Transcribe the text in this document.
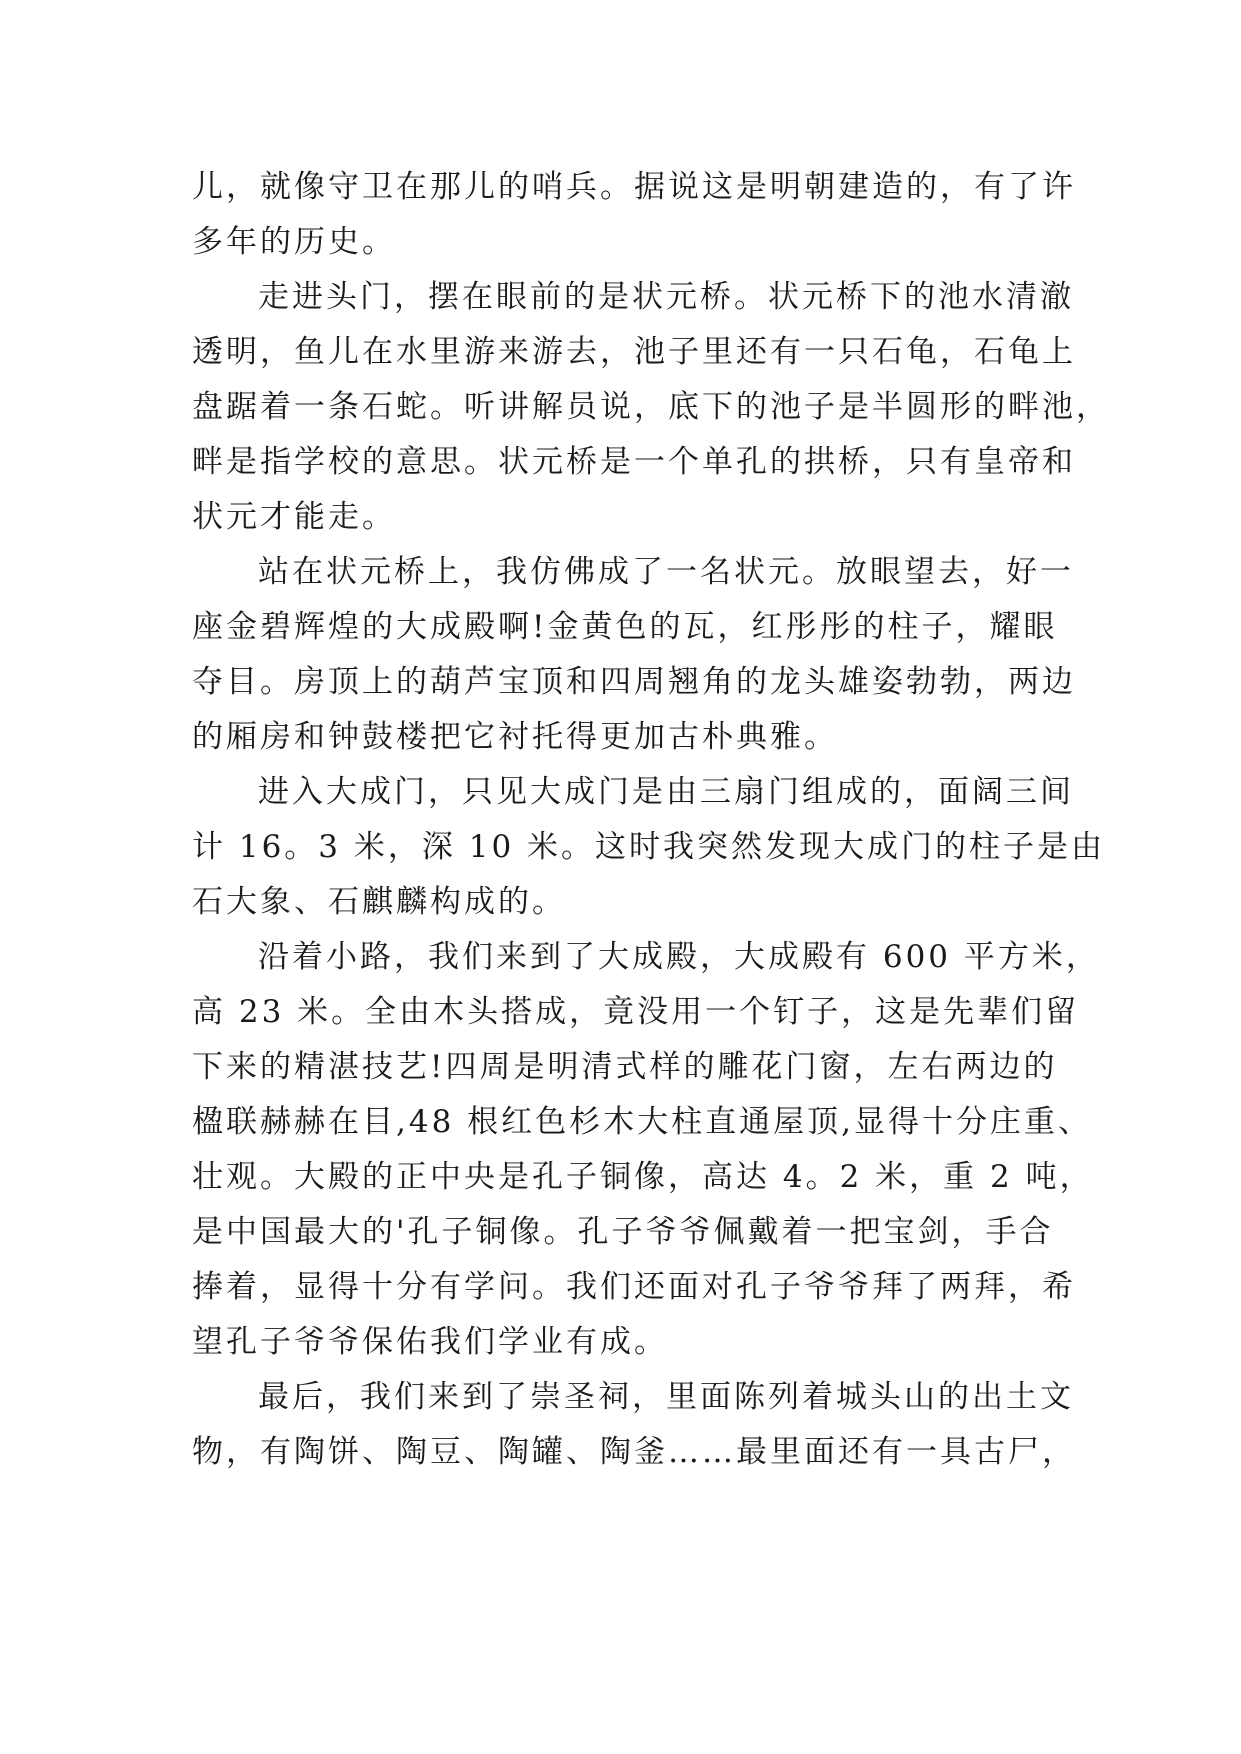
儿，就像守卫在那儿的哨兵。据说这是明朝建造的，有了许
多年的历史。

走进头门，摆在眼前的是状元桥。状元桥下的池水清澈
透明，鱼儿在水里游来游去，池子里还有一只石龟，石龟上
盘踞着一条石蛇。听讲解员说，底下的池子是半圆形的畔池，
畔是指学校的意思。状元桥是一个单孔的拱桥，只有皇帝和
状元才能走。

站在状元桥上，我仿佛成了一名状元。放眼望去，好一
座金碧辉煌的大成殿啊!金黄色的瓦，红彤彤的柱子，耀眼
夺目。房顶上的葫芦宝顶和四周翘角的龙头雄姿勃勃，两边
的厢房和钟鼓楼把它衬托得更加古朴典雅。

进入大成门，只见大成门是由三扇门组成的，面阔三间
计 16。3 米，深 10 米。这时我突然发现大成门的柱子是由
石大象、石麒麟构成的。

沿着小路，我们来到了大成殿，大成殿有 600 平方米，
高 23 米。全由木头搭成，竟没用一个钉子，这是先辈们留
下来的精湛技艺!四周是明清式样的雕花门窗，左右两边的
楹联赫赫在目,48 根红色杉木大柱直通屋顶,显得十分庄重、
壮观。大殿的正中央是孔子铜像，高达 4。2 米，重 2 吨，
是中国最大的'孔子铜像。孔子爷爷佩戴着一把宝剑，手合
捧着，显得十分有学问。我们还面对孔子爷爷拜了两拜，希
望孔子爷爷保佑我们学业有成。

最后，我们来到了崇圣祠，里面陈列着城头山的出土文
物，有陶饼、陶豆、陶罐、陶釜……最里面还有一具古尸，
